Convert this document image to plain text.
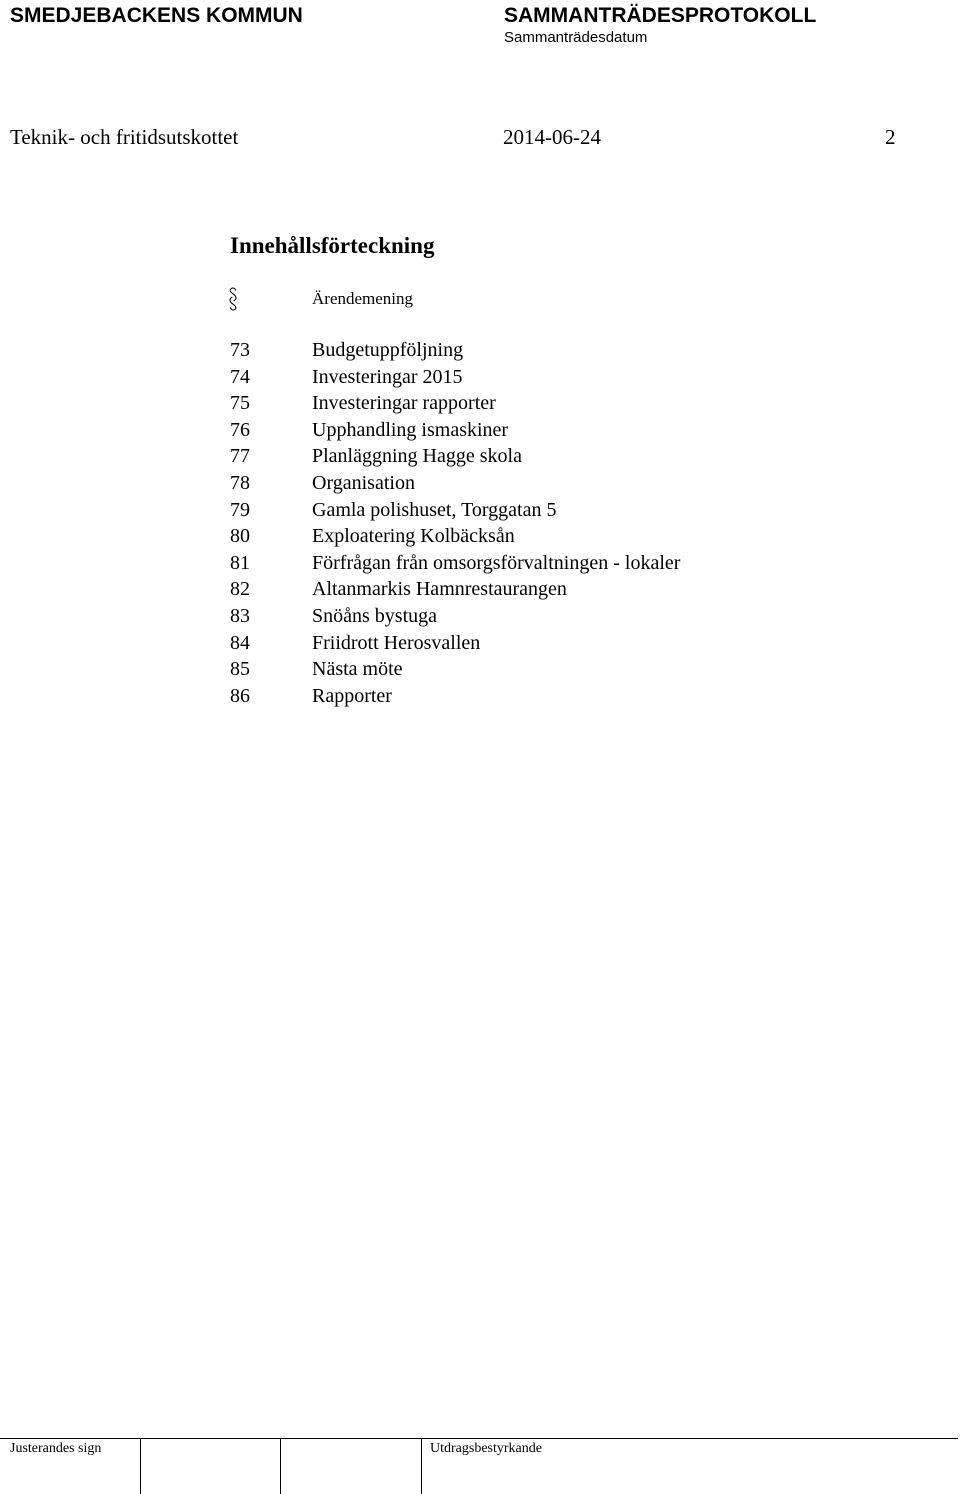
SMEDJEBACKENS KOMMUN	SAMMANTRÄDESPROTOKOLL
Sammanträdesdatum
Teknik- och fritidsutskottet	2014-06-24	2
Innehållsförteckning
Ärendemening
73	Budgetuppföljning
74	Investeringar 2015
75	Investeringar rapporter
76	Upphandling ismaskiner
77	Planläggning Hagge skola
78	Organisation
79	Gamla polishuset, Torggatan 5
80	Exploatering Kolbäcksån
81	Förfrågan från omsorgsförvaltningen - lokaler
82	Altanmarkis Hamnrestaurangen
83	Snöåns bystuga
84	Friidrott Herosvallen
85	Nästa möte
86	Rapporter
Justerandes sign	Utdragsbestyrkande
